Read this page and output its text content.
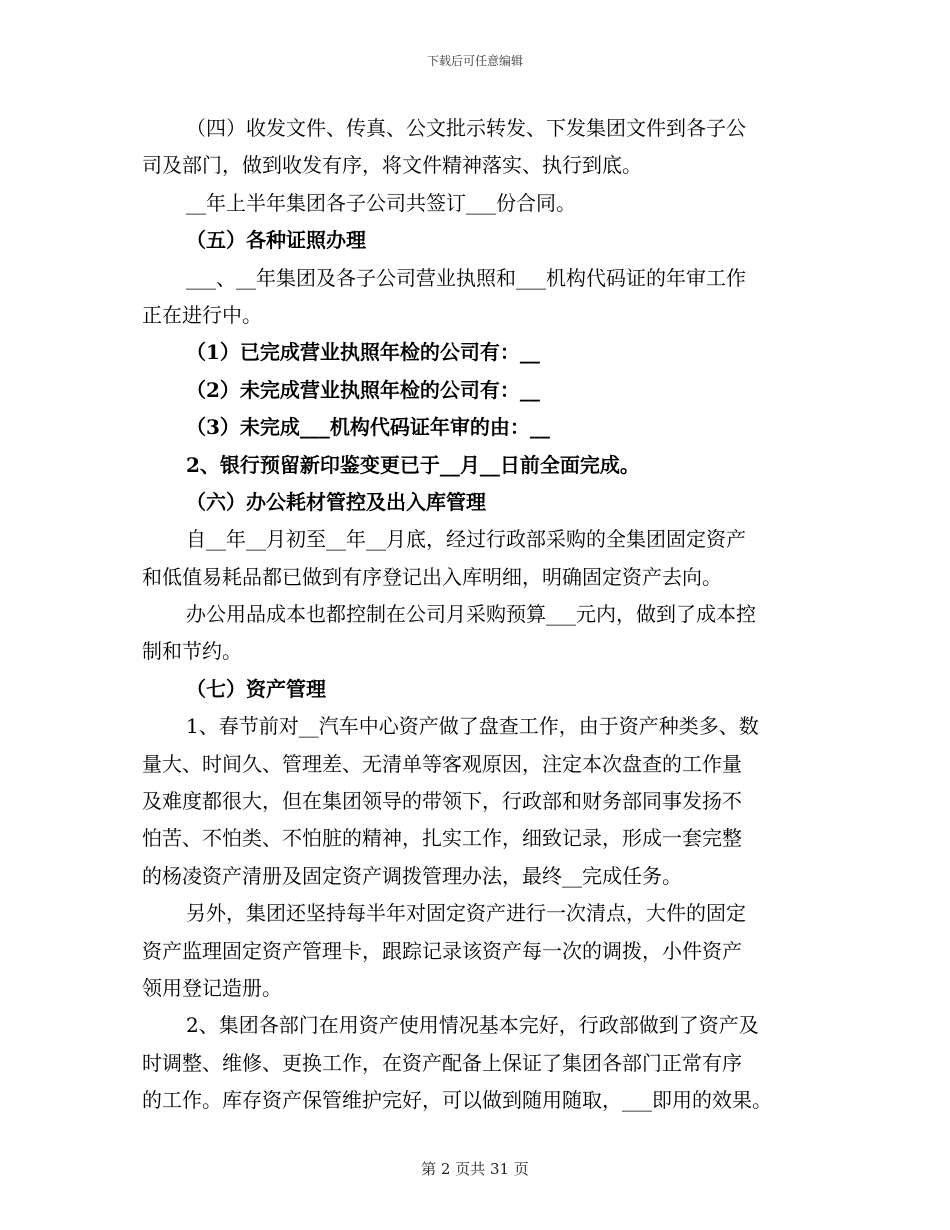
下载后可任意编辑
（四）收发文件、传真、公文批示转发、下发集团文件到各子公
司及部门，做到收发有序，将文件精神落实、执行到底。
__年上半年集团各子公司共签订___份合同。
（五）各种证照办理
___、__年集团及各子公司营业执照和___机构代码证的年审工作
正在进行中。
（1）已完成营业执照年检的公司有：__
（2）未完成营业执照年检的公司有：__
（3）未完成___机构代码证年审的由：__
2、银行预留新印鉴变更已于__月__日前全面完成。
（六）办公耗材管控及出入库管理
自__年__月初至__年__月底，经过行政部采购的全集团固定资产
和低值易耗品都已做到有序登记出入库明细，明确固定资产去向。
办公用品成本也都控制在公司月采购预算___元内，做到了成本控
制和节约。
（七）资产管理
1、春节前对__汽车中心资产做了盘查工作，由于资产种类多、数
量大、时间久、管理差、无清单等客观原因，注定本次盘查的工作量
及难度都很大，但在集团领导的带领下，行政部和财务部同事发扬不
怕苦、不怕类、不怕脏的精神，扎实工作，细致记录，形成一套完整
的杨凌资产清册及固定资产调拨管理办法，最终__完成任务。
另外，集团还坚持每半年对固定资产进行一次清点，大件的固定
资产监理固定资产管理卡，跟踪记录该资产每一次的调拨，小件资产
领用登记造册。
2、集团各部门在用资产使用情况基本完好，行政部做到了资产及
时调整、维修、更换工作，在资产配备上保证了集团各部门正常有序
的工作。库存资产保管维护完好，可以做到随用随取，___即用的效果。
第 2 页共 31 页
